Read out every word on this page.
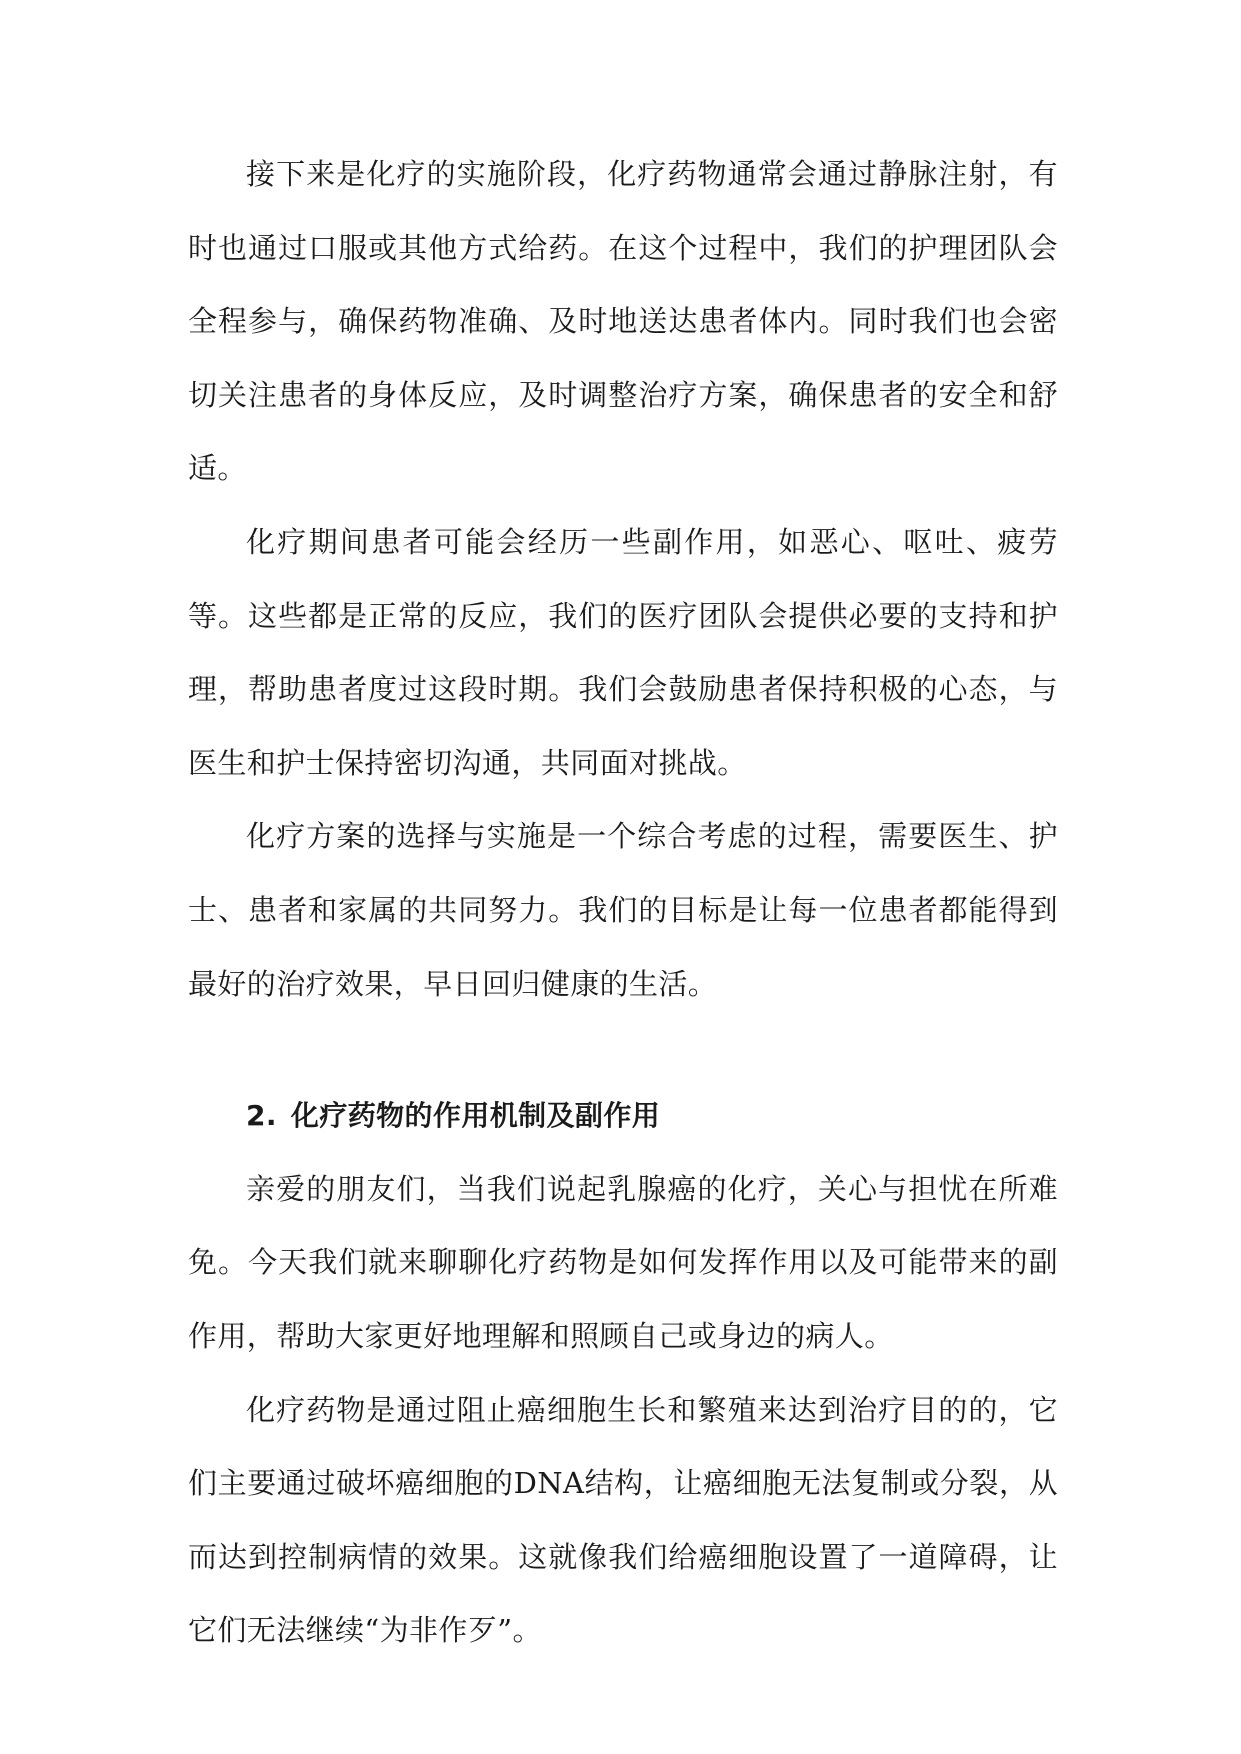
接下来是化疗的实施阶段，化疗药物通常会通过静脉注射，有时也通过口服或其他方式给药。在这个过程中，我们的护理团队会全程参与，确保药物准确、及时地送达患者体内。同时我们也会密切关注患者的身体反应，及时调整治疗方案，确保患者的安全和舒适。

化疗期间患者可能会经历一些副作用，如恶心、呕吐、疲劳等。这些都是正常的反应，我们的医疗团队会提供必要的支持和护理，帮助患者度过这段时期。我们会鼓励患者保持积极的心态，与医生和护士保持密切沟通，共同面对挑战。

化疗方案的选择与实施是一个综合考虑的过程，需要医生、护士、患者和家属的共同努力。我们的目标是让每一位患者都能得到最好的治疗效果，早日回归健康的生活。

2. 化疗药物的作用机制及副作用

亲爱的朋友们，当我们说起乳腺癌的化疗，关心与担忧在所难免。今天我们就来聊聊化疗药物是如何发挥作用以及可能带来的副作用，帮助大家更好地理解和照顾自己或身边的病人。

化疗药物是通过阻止癌细胞生长和繁殖来达到治疗目的的，它们主要通过破坏癌细胞的DNA结构，让癌细胞无法复制或分裂，从而达到控制病情的效果。这就像我们给癌细胞设置了一道障碍，让它们无法继续“为非作歹”。
